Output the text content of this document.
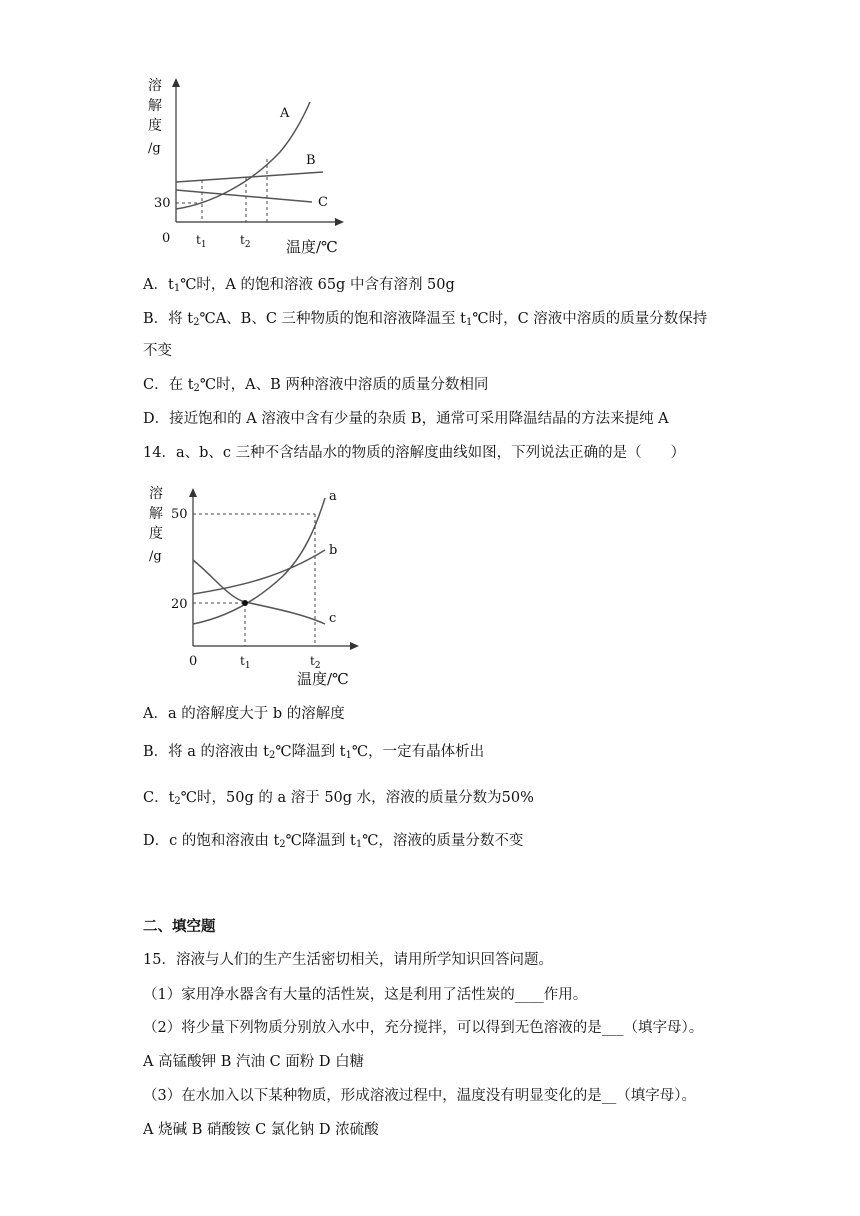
溶
解
度
/g
30
0 $t_1$	$t_2$ 温度/℃
A
B
C
A．$t_1℃$时，A 的饱和溶液 65g 中含有溶剂 50g
B．将 $t_2℃A$、B、C 三种物质的饱和溶液降温至 $t_1℃$时，C 溶液中溶质的质量分数保持
不变
C．在 $t_2℃$时，A、B 两种溶液中溶质的质量分数相同
D．接近饱和的 A 溶液中含有少量的杂质 B，通常可采用降温结晶的方法来提纯 A
14．a、b、c 三种不含结晶水的物质的溶解度曲线如图，下列说法正确的是（　　）
溶
解
度
/g
50
20
0	$t_1$	$t_2$
温度/℃
a
b
c
A．a 的溶解度大于 b 的溶解度
B．将 a 的溶液由 $t_2℃$降温到 $t_1℃$，一定有晶体析出
C．$t_2℃$时，50g 的 a 溶于 50g 水，溶液的质量分数为50%
D．c 的饱和溶液由 $t_2℃$降温到 $t_1℃$，溶液的质量分数不变
二、填空题
15．溶液与人们的生产生活密切相关，请用所学知识回答问题。
（1）家用净水器含有大量的活性炭，这是利用了活性炭的____作用。
（2）将少量下列物质分别放入水中，充分搅拌，可以得到无色溶液的是___（填字母）。
A 高锰酸钾 B 汽油 C 面粉 D 白糖
（3）在水加入以下某种物质，形成溶液过程中，温度没有明显变化的是__（填字母）。
A 烧碱 B 硝酸铵 C 氯化钠 D 浓硫酸
